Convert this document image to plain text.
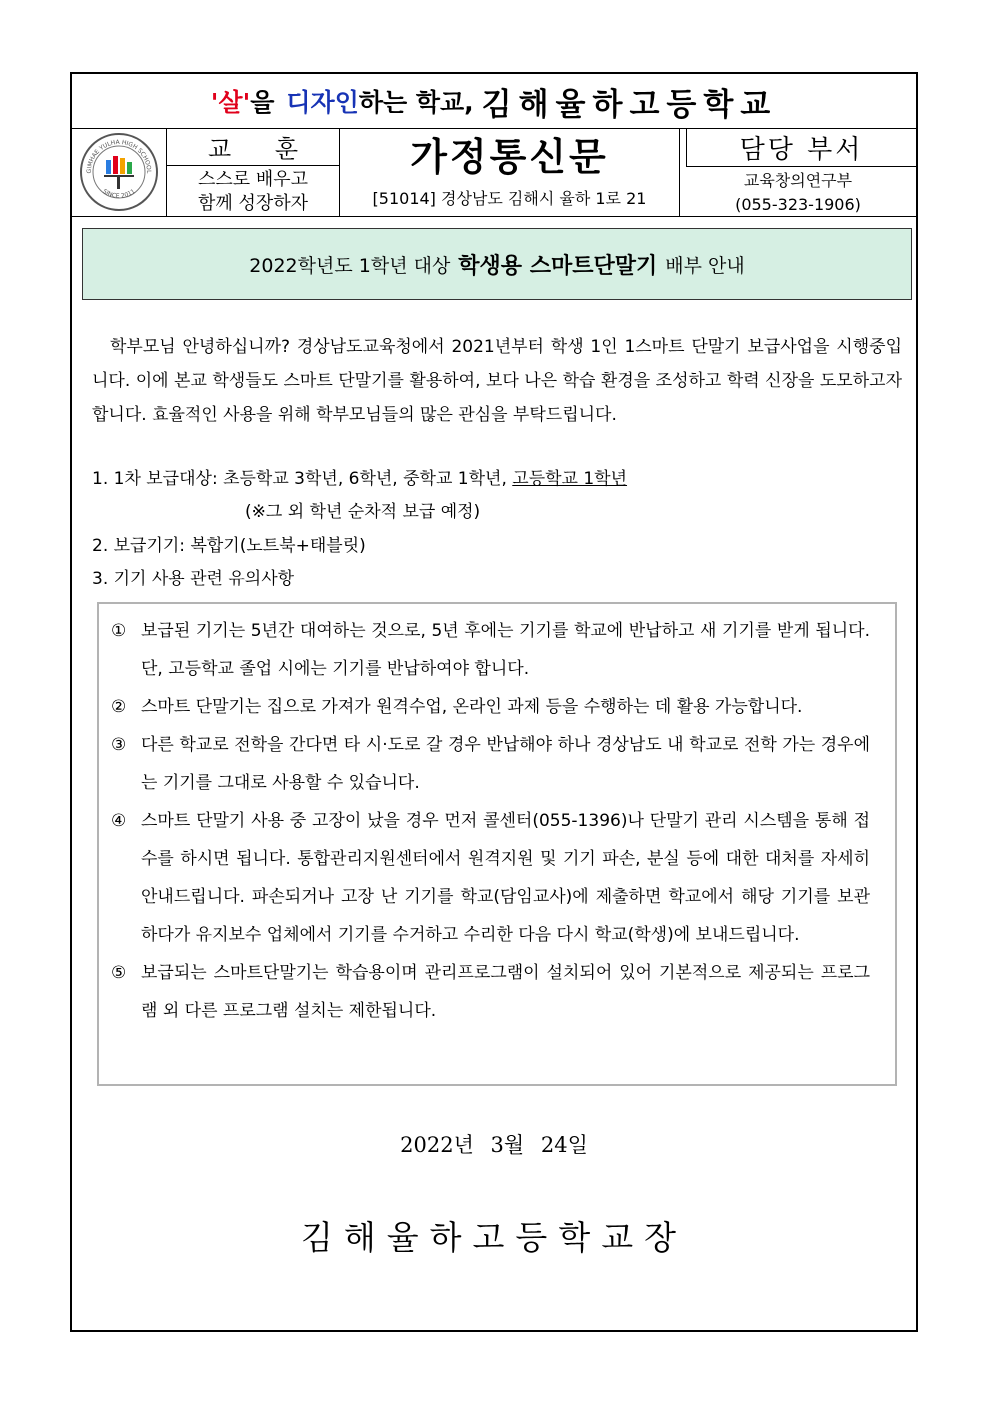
'살' 을 디자인 하는 학교, 김해율하고등학교
GIMHAE YULHA HIGH SCHOOL
SINCE 2011
교 훈
스스로 배우고
함께 성장하자
가정통신문
[51014] 경상남도 김해시 율하 1로 21
담당 부서
교육창의연구부
(055-323-1906)
2022학년도 1학년 대상 학생용 스마트단말기 배부 안내
학부모님 안녕하십니까? 경상남도교육청에서 2021년부터 학생 1인 1스마트 단말기 보급사업을 시행중입니다. 이에 본교 학생들도 스마트 단말기를 활용하여, 보다 나은 학습 환경을 조성하고 학력 신장을 도모하고자 합니다. 효율적인 사용을 위해 학부모님들의 많은 관심을 부탁드립니다.
1. 1차 보급대상: 초등학교 3학년, 6학년, 중학교 1학년, 고등학교 1학년
(※그 외 학년 순차적 보급 예정)
2. 보급기기: 복합기(노트북+태블릿)
3. 기기 사용 관련 유의사항
① 보급된 기기는 5년간 대여하는 것으로, 5년 후에는 기기를 학교에 반납하고 새 기기를 받게 됩니다. 단, 고등학교 졸업 시에는 기기를 반납하여야 합니다.
② 스마트 단말기는 집으로 가져가 원격수업, 온라인 과제 등을 수행하는 데 활용 가능합니다.
③ 다른 학교로 전학을 간다면 타 시·도로 갈 경우 반납해야 하나 경상남도 내 학교로 전학 가는 경우에는 기기를 그대로 사용할 수 있습니다.
④ 스마트 단말기 사용 중 고장이 났을 경우 먼저 콜센터(055-1396)나 단말기 관리 시스템을 통해 접수를 하시면 됩니다. 통합관리지원센터에서 원격지원 및 기기 파손, 분실 등에 대한 대처를 자세히 안내드립니다. 파손되거나 고장 난 기기를 학교(담임교사)에 제출하면 학교에서 해당 기기를 보관하다가 유지보수 업체에서 기기를 수거하고 수리한 다음 다시 학교(학생)에 보내드립니다.
⑤ 보급되는 스마트단말기는 학습용이며 관리프로그램이 설치되어 있어 기본적으로 제공되는 프로그램 외 다른 프로그램 설치는 제한됩니다.
2022년 3월 24일
김해율하고등학교장
